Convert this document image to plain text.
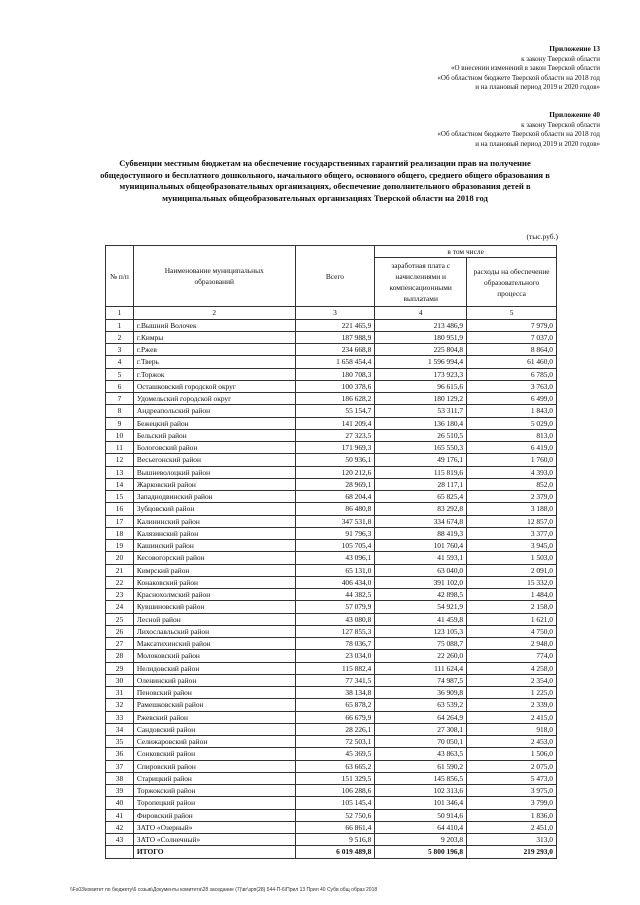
Приложение 13
к закону Тверской области
«О внесении изменений в закон Тверской области
«Об областном бюджете Тверской области на 2018 год
и на плановый период 2019 и 2020 годов»
Приложение 40
к закону Тверской области
«Об областном бюджете Тверской области на 2018 год
и на плановый период 2019 и 2020 годов»
Субвенции местным бюджетам на обеспечение государственных гарантий реализации прав на получение общедоступного и бесплатного дошкольного, начального общего, основного общего, среднего общего образования в муниципальных общеобразовательных организациях, обеспечение дополнительного образования детей в муниципальных общеобразовательных организациях Тверской области на 2018 год
(тыс.руб.)
№ п/п	Наименование муниципальных образований	Всего	в том числе	
			заработная плата с начислениями и компенсационными выплатами	расходы на обеспечение образовательного процесса
1	2	3	4	5
1	г.Вышний Волочек	221 465,9	213 486,9	7 979,0
2	г.Кимры	187 988,9	180 951,9	7 037,0
3	г.Ржев	234 668,8	225 804,8	8 864,0
4	г.Тверь	1 658 454,4	1 596 994,4	61 460,0
5	г.Торжок	180 708,3	173 923,3	6 785,0
6	Осташковский городской округ	100 378,6	96 615,6	3 763,0
7	Удомельский городской округ	186 628,2	180 129,2	6 499,0
8	Андреапольский район	55 154,7	53 311,7	1 843,0
9	Бежецкий район	141 209,4	136 180,4	5 029,0
10	Бельский район	27 323,5	26 510,5	813,0
11	Бологовский район	171 969,3	165 550,3	6 419,0
12	Весьегонский район	50 936,1	49 176,1	1 760,0
13	Вышневолоцкий район	120 212,6	115 819,6	4 393,0
14	Жарковский район	28 969,1	28 117,1	852,0
15	Западнодвинский район	68 204,4	65 825,4	2 379,0
16	Зубцовский район	86 480,8	83 292,8	3 188,0
17	Калининский район	347 531,8	334 674,8	12 857,0
18	Калязинский район	91 796,3	88 419,3	3 377,0
19	Кашинский район	105 705,4	101 760,4	3 945,0
20	Кесовогорский район	43 096,1	41 593,1	1 503,0
21	Кимрский район	65 131,0	63 040,0	2 091,0
22	Конаковский район	406 434,0	391 102,0	15 332,0
23	Краснохолмский район	44 382,5	42 898,5	1 484,0
24	Кувшиновский район	57 079,9	54 921,9	2 158,0
25	Лесной район	43 080,8	41 459,8	1 621,0
26	Лихославльский район	127 855,3	123 105,3	4 750,0
27	Максатихинский район	78 036,7	75 088,7	2 948,0
28	Молоковский район	23 034,0	22 260,0	774,0
29	Нелидовский район	115 882,4	111 624,4	4 258,0
30	Оленинский район	77 341,5	74 987,5	2 354,0
31	Пеновский район	38 134,8	36 909,8	1 225,0
32	Рамешковский район	65 878,2	63 539,2	2 339,0
33	Ржевский район	66 679,9	64 264,9	2 415,0
34	Сандовский район	28 226,1	27 308,1	918,0
35	Селижаровский район	72 503,1	70 050,1	2 453,0
36	Сонковский район	45 369,5	43 863,5	1 506,0
37	Спировский район	63 665,2	61 590,2	2 075,0
38	Старицкий район	151 329,5	145 856,5	5 473,0
39	Торжокский район	106 288,6	102 313,6	3 975,0
40	Торопецкий район	105 145,4	101 346,4	3 799,0
41	Фировский район	52 750,6	50 914,6	1 836,0
42	ЗАТО «Озерный»	66 861,4	64 410,4	2 451,0
43	ЗАТО «Солнечный»	9 516,8	9 203,8	313,0
	ИТОГО	6 019 489,8	5 800 196,8	219 293,0
\\Fs03\комитет по бюджету\6 созыв\Документы комитета\28 заседание (7)\вг\зрп(28) 544-П-6\Прил 13 Прил 40 Субв общ образ 2018
